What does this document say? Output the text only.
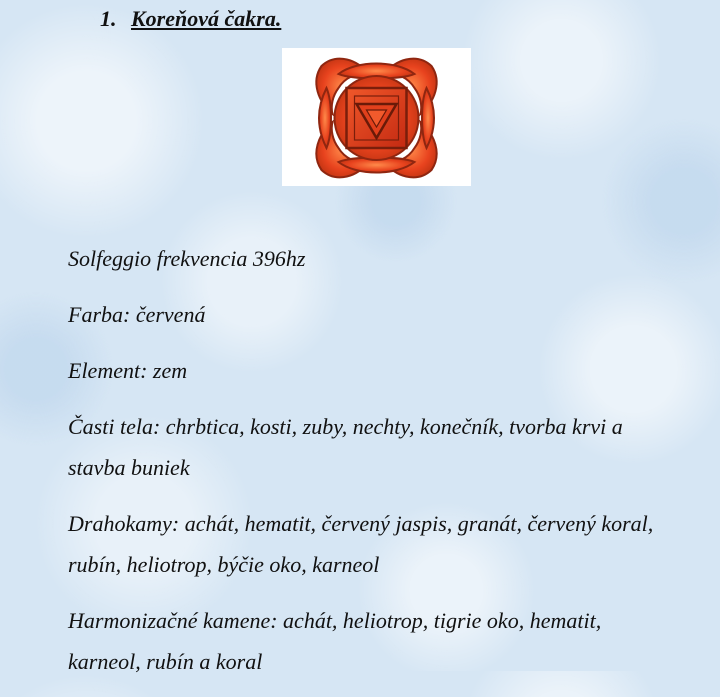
1. Koreňová čakra.

Solfeggio frekvencia 396hz

Farba: červená

Element: zem

Časti tela: chrbtica, kosti, zuby, nechty, konečník, tvorba krvi a stavba buniek

Drahokamy: achát, hematit, červený jaspis, granát, červený koral, rubín, heliotrop, býčie oko, karneol

Harmonizačné kamene: achát, heliotrop, tigrie oko, hematit, karneol, rubín a koral
